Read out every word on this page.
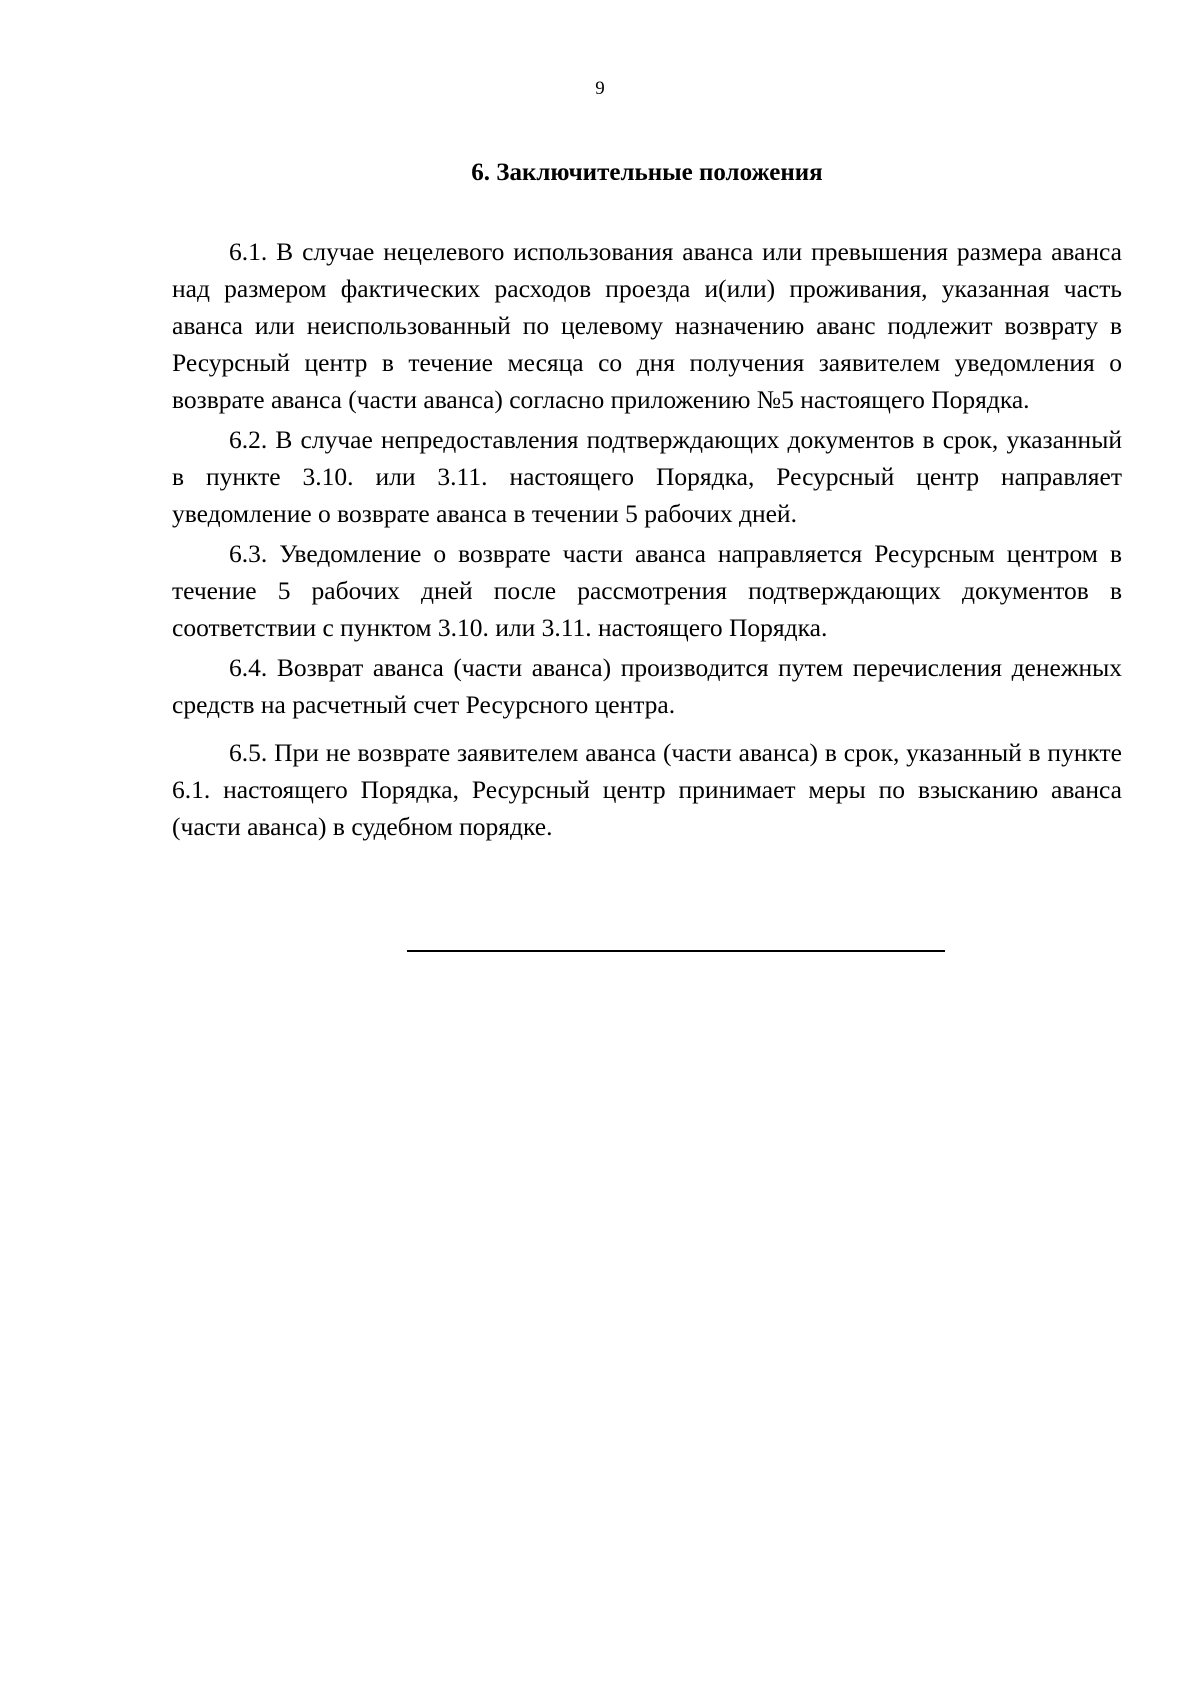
9
6. Заключительные положения

6.1. В случае нецелевого использования аванса или превышения размера аванса над размером фактических расходов проезда и(или) проживания, указанная часть аванса или неиспользованный по целевому назначению аванс подлежит возврату в Ресурсный центр в течение месяца со дня получения заявителем уведомления о возврате аванса (части аванса) согласно приложению №5 настоящего Порядка.

6.2. В случае непредоставления подтверждающих документов в срок, указанный в пункте 3.10. или 3.11. настоящего Порядка, Ресурсный центр направляет уведомление о возврате аванса в течении 5 рабочих дней.

6.3. Уведомление о возврате части аванса направляется Ресурсным центром в течение 5 рабочих дней после рассмотрения подтверждающих документов в соответствии с пунктом 3.10. или 3.11. настоящего Порядка.

6.4. Возврат аванса (части аванса) производится путем перечисления денежных средств на расчетный счет Ресурсного центра.

6.5. При не возврате заявителем аванса (части аванса) в срок, указанный в пункте 6.1. настоящего Порядка, Ресурсный центр принимает меры по взысканию аванса (части аванса) в судебном порядке.
